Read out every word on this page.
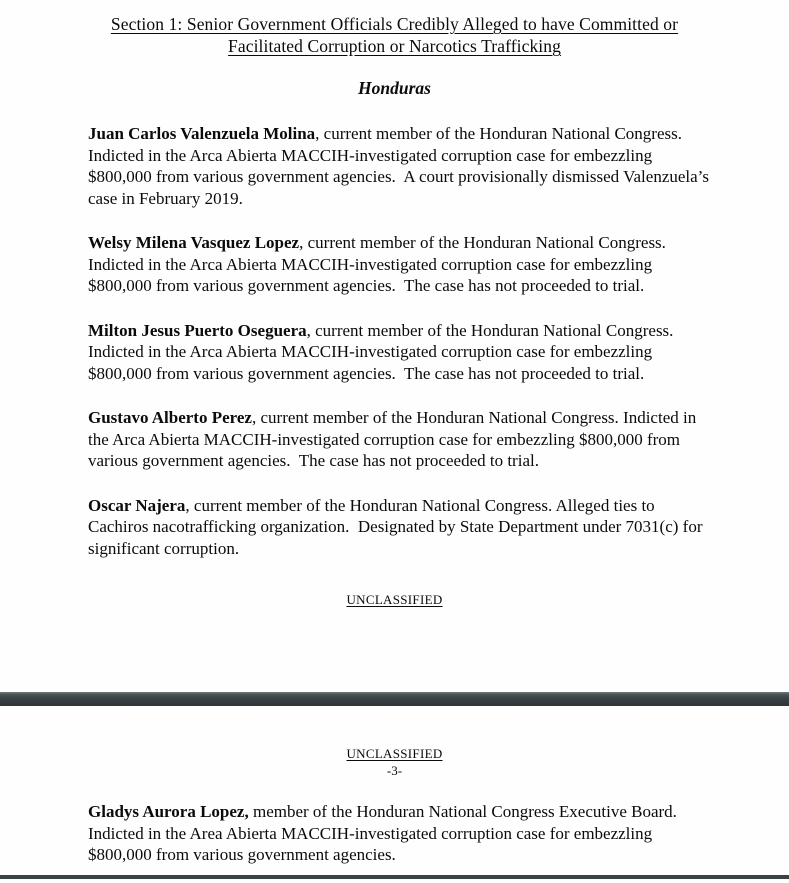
Section 1: Senior Government Officials Credibly Alleged to have Committed or
Facilitated Corruption or Narcotics Trafficking
Honduras

Juan Carlos Valenzuela Molina, current member of the Honduran National Congress.  Indicted in the Arca Abierta MACCIH-investigated corruption case for embezzling $800,000 from various government agencies.  A court provisionally dismissed Valenzuela’s case in February 2019.

Welsy Milena Vasquez Lopez, current member of the Honduran National Congress.  Indicted in the Arca Abierta MACCIH-investigated corruption case for embezzling $800,000 from various government agencies.  The case has not proceeded to trial.

Milton Jesus Puerto Oseguera, current member of the Honduran National Congress.  Indicted in the Arca Abierta MACCIH-investigated corruption case for embezzling $800,000 from various government agencies.  The case has not proceeded to trial.

Gustavo Alberto Perez, current member of the Honduran National Congress. Indicted in the Arca Abierta MACCIH-investigated corruption case for embezzling $800,000 from various government agencies.  The case has not proceeded to trial.

Oscar Najera, current member of the Honduran National Congress. Alleged ties to Cachiros nacotrafficking organization.  Designated by State Department under 7031(c) for significant corruption.

UNCLASSIFIED
UNCLASSIFIED
-3-

Gladys Aurora Lopez, member of the Honduran National Congress Executive Board.  Indicted in the Area Abierta MACCIH-investigated corruption case for embezzling $800,000 from various government agencies.
